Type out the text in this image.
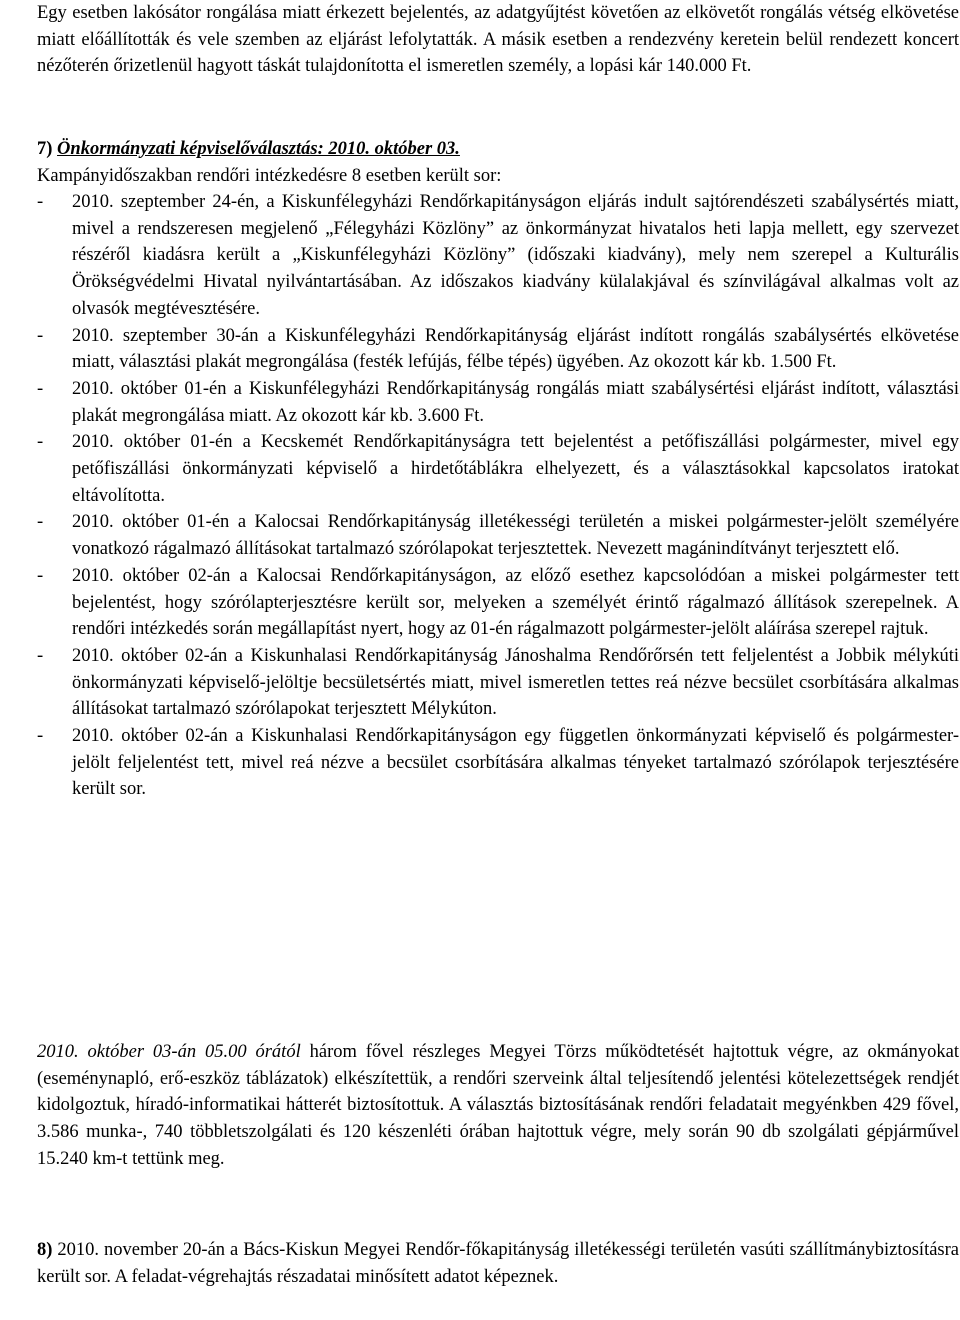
Egy esetben lakósátor rongálása miatt érkezett bejelentés, az adatgyűjtést követően az elkövetőt rongálás vétség elkövetése miatt előállították és vele szemben az eljárást lefolytatták. A másik esetben a rendezvény keretein belül rendezett koncert nézőterén őrizetlenül hagyott táskát tulajdonította el ismeretlen személy, a lopási kár 140.000 Ft.

7) Önkormányzati képviselőválasztás: 2010. október 03.

Kampányidőszakban rendőri intézkedésre 8 esetben került sor:

-	2010. szeptember 24-én, a Kiskunfélegyházi Rendőrkapitányságon eljárás indult sajtórendészeti szabálysértés miatt, mivel a rendszeresen megjelenő „Félegyházi Közlöny” az önkormányzat hivatalos heti lapja mellett, egy szervezet részéről kiadásra került a „Kiskunfélegyházi Közlöny” (időszaki kiadvány), mely nem szerepel a Kulturális Örökségvédelmi Hivatal nyilvántartásában. Az időszakos kiadvány külalakjával és színvilágával alkalmas volt az olvasók megtévesztésére.

-	2010. szeptember 30-án a Kiskunfélegyházi Rendőrkapitányság eljárást indított rongálás szabálysértés elkövetése miatt, választási plakát megrongálása (festék lefújás, félbe tépés) ügyében. Az okozott kár kb. 1.500 Ft.

-	2010. október 01-én a Kiskunfélegyházi Rendőrkapitányság rongálás miatt szabálysértési eljárást indított, választási plakát megrongálása miatt. Az okozott kár kb. 3.600 Ft.

-	2010. október 01-én a Kecskemét Rendőrkapitányságra tett bejelentést a petőfiszállási polgármester, mivel egy petőfiszállási önkormányzati képviselő a hirdetőtáblákra elhelyezett, és a választásokkal kapcsolatos iratokat eltávolította.

-	2010. október 01-én a Kalocsai Rendőrkapitányság illetékességi területén a miskei polgármester-jelölt személyére vonatkozó rágalmazó állításokat tartalmazó szórólapokat terjesztettek. Nevezett magánindítványt terjesztett elő.

-	2010. október 02-án a Kalocsai Rendőrkapitányságon, az előző esethez kapcsolódóan a miskei polgármester tett bejelentést, hogy szórólapterjesztésre került sor, melyeken a személyét érintő rágalmazó állítások szerepelnek. A rendőri intézkedés során megállapítást nyert, hogy az 01-én rágalmazott polgármester-jelölt aláírása szerepel rajtuk.

-	2010. október 02-án a Kiskunhalasi Rendőrkapitányság Jánoshalma Rendőrőrsén tett feljelentést a Jobbik mélykúti önkormányzati képviselő-jelöltje becsületsértés miatt, mivel ismeretlen tettes reá nézve becsület csorbítására alkalmas állításokat tartalmazó szórólapokat terjesztett Mélykúton.

-	2010. október 02-án a Kiskunhalasi Rendőrkapitányságon egy független önkormányzati képviselő és polgármester-jelölt feljelentést tett, mivel reá nézve a becsület csorbítására alkalmas tényeket tartalmazó szórólapok terjesztésére került sor.

2010. október 03-án 05.00 órától három fővel részleges Megyei Törzs működtetését hajtottuk végre, az okmányokat (eseménynapló, erő-eszköz táblázatok) elkészítettük, a rendőri szerveink által teljesítendő jelentési kötelezettségek rendjét kidolgoztuk, híradó-informatikai hátterét biztosítottuk. A választás biztosításának rendőri feladatait megyénkben 429 fővel, 3.586 munka-, 740 többletszolgálati és 120 készenléti órában hajtottuk végre, mely során 90 db szolgálati gépjárművel 15.240 km-t tettünk meg.

8) 2010. november 20-án a Bács-Kiskun Megyei Rendőr-főkapitányság illetékességi területén vasúti szállítmánybiztosításra került sor. A feladat-végrehajtás részadatai minősített adatot képeznek.
